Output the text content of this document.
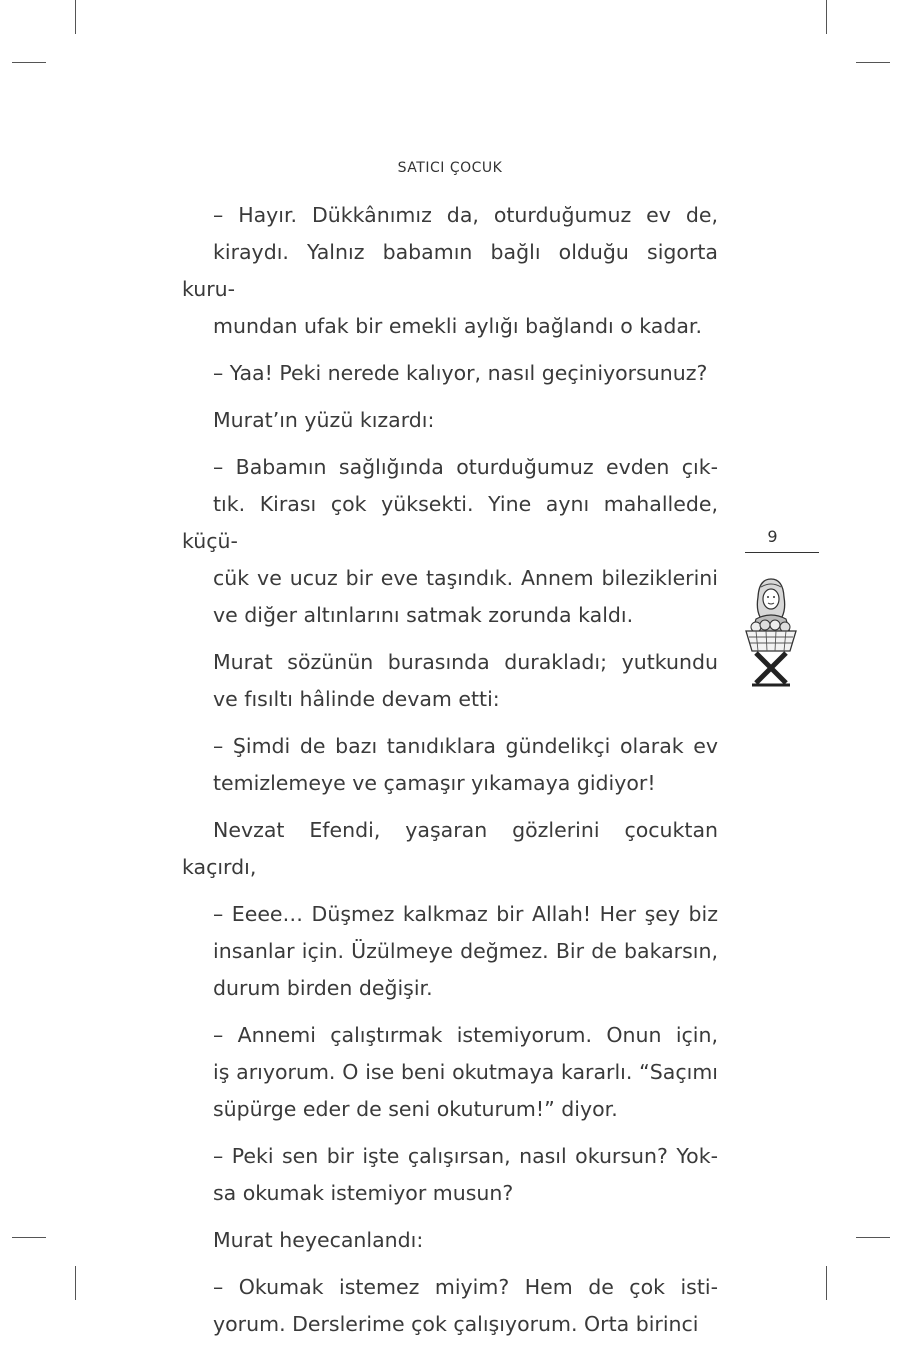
SATICI ÇOCUK

– Hayır. Dükkânımız da, oturduğumuz ev de,
kiraydı. Yalnız babamın bağlı olduğu sigorta kuru-
mundan ufak bir emekli aylığı bağlandı o kadar.

– Yaa! Peki nerede kalıyor, nasıl geçiniyorsunuz?

Murat’ın yüzü kızardı:

– Babamın sağlığında oturduğumuz evden çık-
tık. Kirası çok yüksekti. Yine aynı mahallede, küçü-
cük ve ucuz bir eve taşındık. Annem bileziklerini
ve diğer altınlarını satmak zorunda kaldı.

Murat sözünün burasında durakladı; yutkundu
ve fısıltı hâlinde devam etti:

– Şimdi de bazı tanıdıklara gündelikçi olarak ev
temizlemeye ve çamaşır yıkamaya gidiyor!

Nevzat Efendi, yaşaran gözlerini çocuktan kaçırdı,

– Eeee… Düşmez kalkmaz bir Allah! Her şey biz
insanlar için. Üzülmeye değmez. Bir de bakarsın,
durum birden değişir.

– Annemi çalıştırmak istemiyorum. Onun için,
iş arıyorum. O ise beni okutmaya kararlı. “Saçımı
süpürge eder de seni okuturum!” diyor.

– Peki sen bir işte çalışırsan, nasıl okursun? Yok-
sa okumak istemiyor musun?

Murat heyecanlandı:

– Okumak istemez miyim? Hem de çok isti-
yorum. Derslerime çok çalışıyorum. Orta birinci

9
